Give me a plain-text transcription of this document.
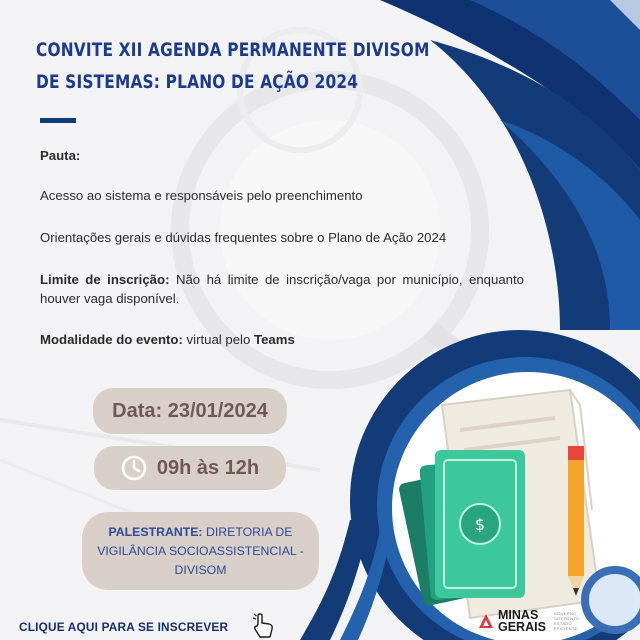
CONVITE XII AGENDA PERMANENTE DIVISOM DE SISTEMAS: PLANO DE AÇÃO 2024

Pauta:

Acesso ao sistema e responsáveis pelo preenchimento

Orientações gerais e dúvidas frequentes sobre o Plano de Ação 2024

Limite de inscrição: Não há limite de inscrição/vaga por município, enquanto houver vaga disponível.

Modalidade do evento: virtual pelo Teams

Data: 23/01/2024
09h às 12h
PALESTRANTE: DIRETORIA DE
VIGILÂNCIA SOCIOASSISTENCIAL -
DIVISOM
CLIQUE AQUI PARA SE INSCREVER
$
MINAS
GERAIS
GOVERNO
DIFERENTE.
ESTADO
EFICIENTE.
